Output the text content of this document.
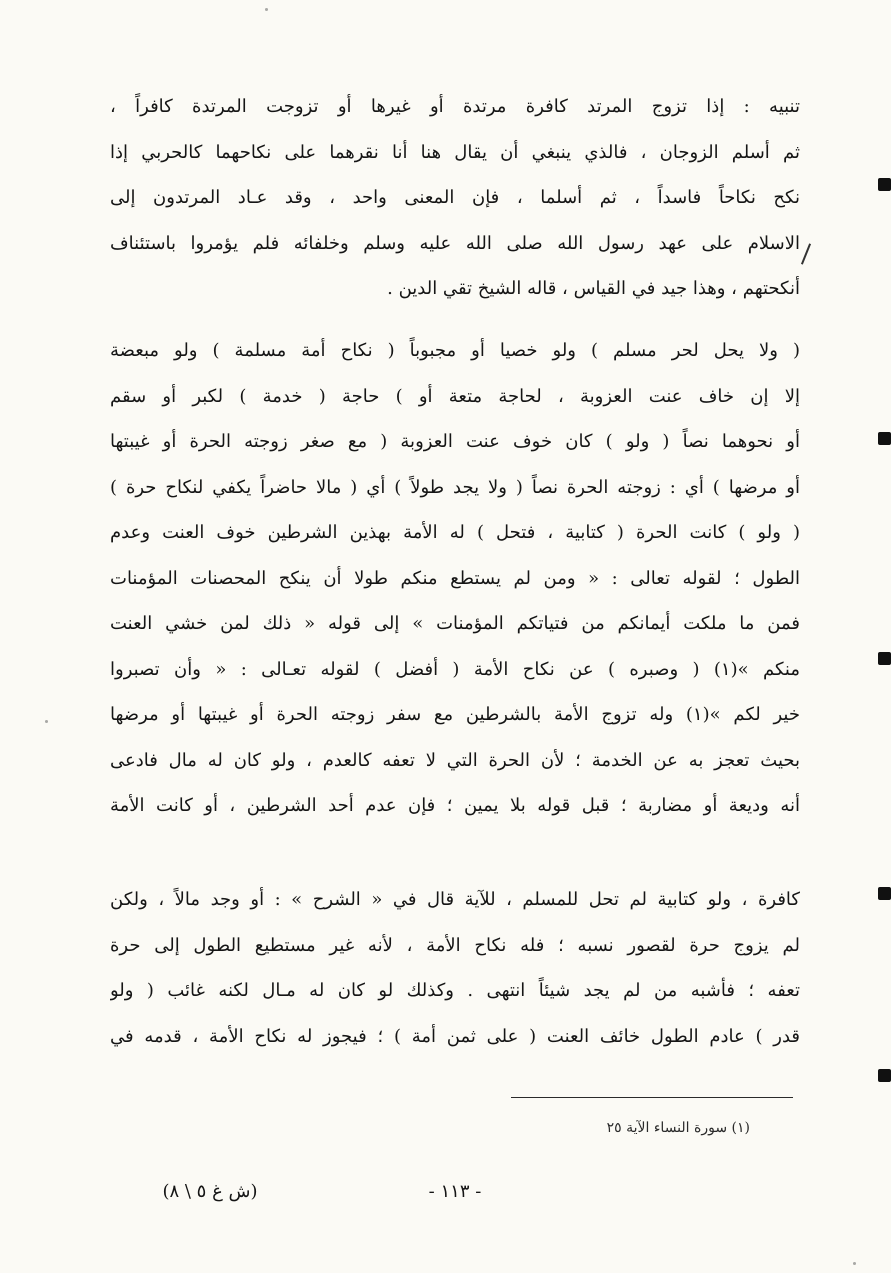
تنبيه : إذا تزوج المرتد كافرة مرتدة أو غيرها أو تزوجت المرتدة كافراً ،
ثم أسلم الزوجان ، فالذي ينبغي أن يقال هنا أنا نقرهما على نكاحهما كالحربي إذا
نكح نكاحاً فاسداً ، ثم أسلما ، فإن المعنى واحد ، وقد عـاد المرتدون إلى
الاسلام على عهد رسول الله صلى الله عليه وسلم وخلفائه فلم يؤمروا باستئناف
أنكحتهم ، وهذا جيد في القياس ، قاله الشيخ تقي الدين .
( ولا يحل لحر مسلم ) ولو خصيا أو مجبوباً ( نكاح أمة مسلمة ) ولو مبعضة
إلا إن خاف عنت العزوبة ، لحاجة متعة أو ) حاجة ( خدمة ) لكبر أو سقم
أو نحوهما نصاً ( ولو ) كان خوف عنت العزوبة ( مع صغر زوجته الحرة أو غيبتها
أو مرضها ) أي : زوجته الحرة نصاً ( ولا يجد طولاً ) أي ( مالا حاضراً يكفي لنكاح حرة )
( ولو ) كانت الحرة ( كتابية ، فتحل ) له الأمة بهذين الشرطين خوف العنت وعدم
الطول ؛ لقوله تعالى : « ومن لم يستطع منكم طولا أن ينكح المحصنات المؤمنات
فمن ما ملكت أيمانكم من فتياتكم المؤمنات » إلى قوله « ذلك لمن خشي العنت
منكم »(١) ( وصبره ) عن نكاح الأمة ( أفضل ) لقوله تعـالى : « وأن تصبروا
خير لكم »(١) وله تزوج الأمة بالشرطين مع سفر زوجته الحرة أو غيبتها أو مرضها
بحيث تعجز به عن الخدمة ؛ لأن الحرة التي لا تعفه كالعدم ، ولو كان له مال فادعى
أنه وديعة أو مضاربة ؛ قبل قوله بلا يمين ؛ فإن عدم أحد الشرطين ، أو كانت الأمة
كافرة ، ولو كتابية لم تحل للمسلم ، للآية قال في « الشرح » : أو وجد مالاً ، ولكن
لم يزوج حرة لقصور نسبه ؛ فله نكاح الأمة ، لأنه غير مستطيع الطول إلى حرة
تعفه ؛ فأشبه من لم يجد شيئاً انتهى . وكذلك لو كان له مـال لكنه غائب ( ولو
قدر ) عادم الطول خائف العنت ( على ثمن أمة ) ؛ فيجوز له نكاح الأمة ، قدمه في
(١) سورة النساء الآية ٢٥
- ١١٣ -
(ش غ ٥ \ ٨)
